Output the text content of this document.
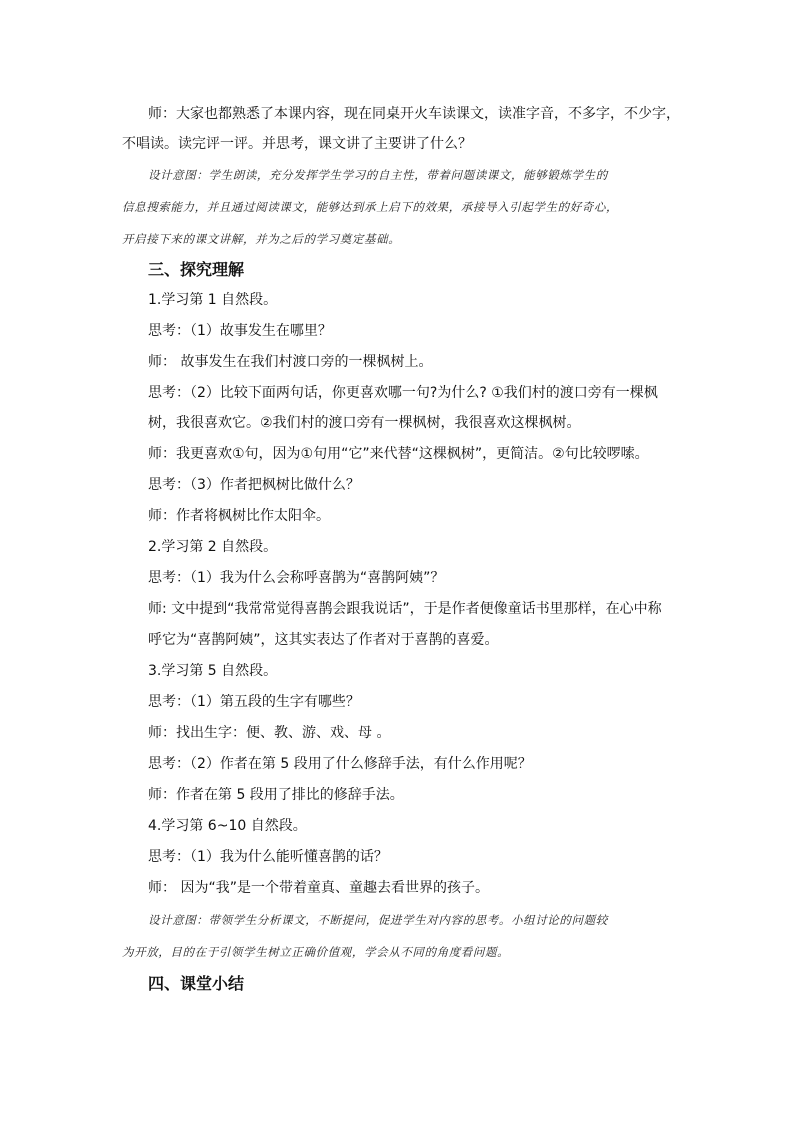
师：大家也都熟悉了本课内容，现在同桌开火车读课文，读准字音，不多字，不少字，
不唱读。读完评一评。并思考，课文讲了主要讲了什么？
设计意图：学生朗读，充分发挥学生学习的自主性，带着问题读课文，能够锻炼学生的
信息搜索能力，并且通过阅读课文，能够达到承上启下的效果，承接导入引起学生的好奇心，
开启接下来的课文讲解，并为之后的学习奠定基础。
三、探究理解
1.学习第 1 自然段。
思考：（1）故事发生在哪里？
师： 故事发生在我们村渡口旁的一棵枫树上。
思考：（2）比较下面两句话，你更喜欢哪一句?为什么? ①我们村的渡口旁有一棵枫
树，我很喜欢它。②我们村的渡口旁有一棵枫树，我很喜欢这棵枫树。
师：我更喜欢①句，因为①句用“它”来代替“这棵枫树”，更简洁。②句比较啰嗦。
思考：（3）作者把枫树比做什么？
师：作者将枫树比作太阳伞。
2.学习第 2 自然段。
思考：（1）我为什么会称呼喜鹊为“喜鹊阿姨”？
师: 文中提到“我常常觉得喜鹊会跟我说话”，于是作者便像童话书里那样，在心中称
呼它为“喜鹊阿姨”，这其实表达了作者对于喜鹊的喜爱。
3.学习第 5 自然段。
思考：（1）第五段的生字有哪些？
师：找出生字：便、教、游、戏、母 。
思考：（2）作者在第 5 段用了什么修辞手法，有什么作用呢？
师：作者在第 5 段用了排比的修辞手法。
4.学习第 6~10 自然段。
思考：（1）我为什么能听懂喜鹊的话？
师： 因为“我”是一个带着童真、童趣去看世界的孩子。
设计意图：带领学生分析课文，不断提问，促进学生对内容的思考。小组讨论的问题较
为开放，目的在于引领学生树立正确价值观，学会从不同的角度看问题。
四、课堂小结
